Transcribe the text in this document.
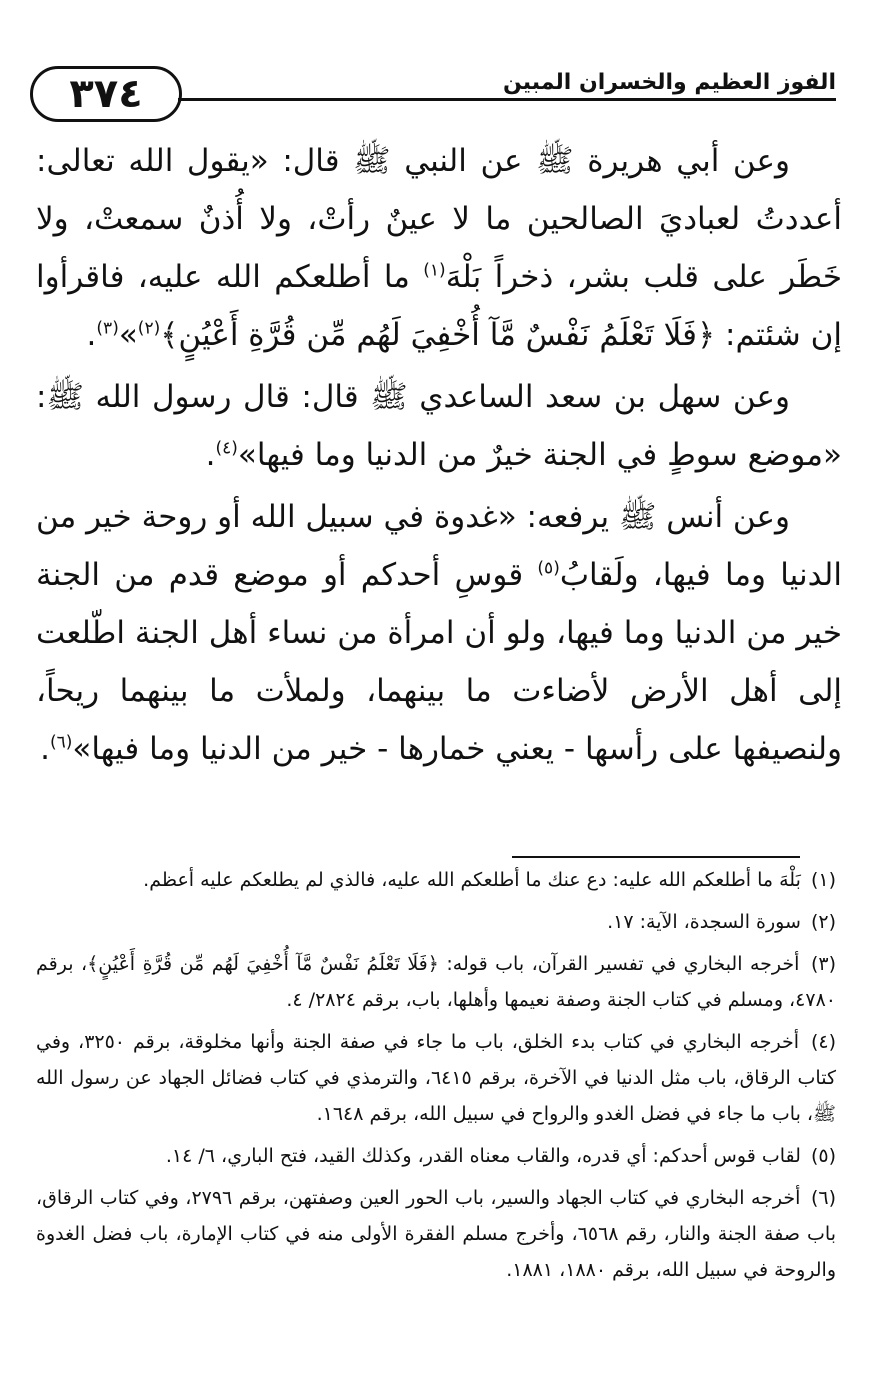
٣٧٤	الفوز العظيم والخسران المبين

وعن أبي هريرة ﷺ عن النبي ﷺ قال: «يقول الله تعالى: أعددتُ لعباديَ الصالحين ما لا عينٌ رأتْ، ولا أُذنٌ سمعتْ، ولا خَطَر على قلب بشر، ذخراً بَلْهَ$^{(١)}$ ما أطلعكم الله عليه، فاقرأوا إن شئتم: ﴿فَلَا تَعْلَمُ نَفْسٌ مَّآ أُخْفِيَ لَهُم مِّن قُرَّةِ أَعْيُنٍ﴾$^{(٢)}$»$^{(٣)}$.

وعن سهل بن سعد الساعدي ﷺ قال: قال رسول الله ﷺ: «موضع سوطٍ في الجنة خيرٌ من الدنيا وما فيها»$^{(٤)}$.

وعن أنس ﷺ يرفعه: «غدوة في سبيل الله أو روحة خير من الدنيا وما فيها، ولَقابُ$^{(٥)}$ قوسِ أحدكم أو موضع قدم من الجنة خير من الدنيا وما فيها، ولو أن امرأة من نساء أهل الجنة اطّلعت إلى أهل الأرض لأضاءت ما بينهما، ولملأت ما بينهما ريحاً، ولنصيفها على رأسها - يعني خمارها - خير من الدنيا وما فيها»$^{(٦)}$.

(١) بَلْهَ ما أطلعكم الله عليه: دع عنك ما أطلعكم الله عليه، فالذي لم يطلعكم عليه أعظم.
(٢) سورة السجدة، الآية: ١٧.
(٣) أخرجه البخاري في تفسير القرآن، باب قوله: ﴿فَلَا تَعْلَمُ نَفْسٌ مَّآ أُخْفِيَ لَهُم مِّن قُرَّةِ أَعْيُنٍ﴾، برقم ٤٧٨٠، ومسلم في كتاب الجنة وصفة نعيمها وأهلها، باب، برقم ٢٨٢٤/ ٤.
(٤) أخرجه البخاري في كتاب بدء الخلق، باب ما جاء في صفة الجنة وأنها مخلوقة، برقم ٣٢٥٠، وفي كتاب الرقاق، باب مثل الدنيا في الآخرة، برقم ٦٤١٥، والترمذي في كتاب فضائل الجهاد عن رسول الله ﷺ، باب ما جاء في فضل الغدو والرواح في سبيل الله، برقم ١٦٤٨.
(٥) لقاب قوس أحدكم: أي قدره، والقاب معناه القدر، وكذلك القيد، فتح الباري، ٦/ ١٤.
(٦) أخرجه البخاري في كتاب الجهاد والسير، باب الحور العين وصفتهن، برقم ٢٧٩٦، وفي كتاب الرقاق، باب صفة الجنة والنار، رقم ٦٥٦٨، وأخرج مسلم الفقرة الأولى منه في كتاب الإمارة، باب فضل الغدوة والروحة في سبيل الله، برقم ١٨٨٠، ١٨٨١.
